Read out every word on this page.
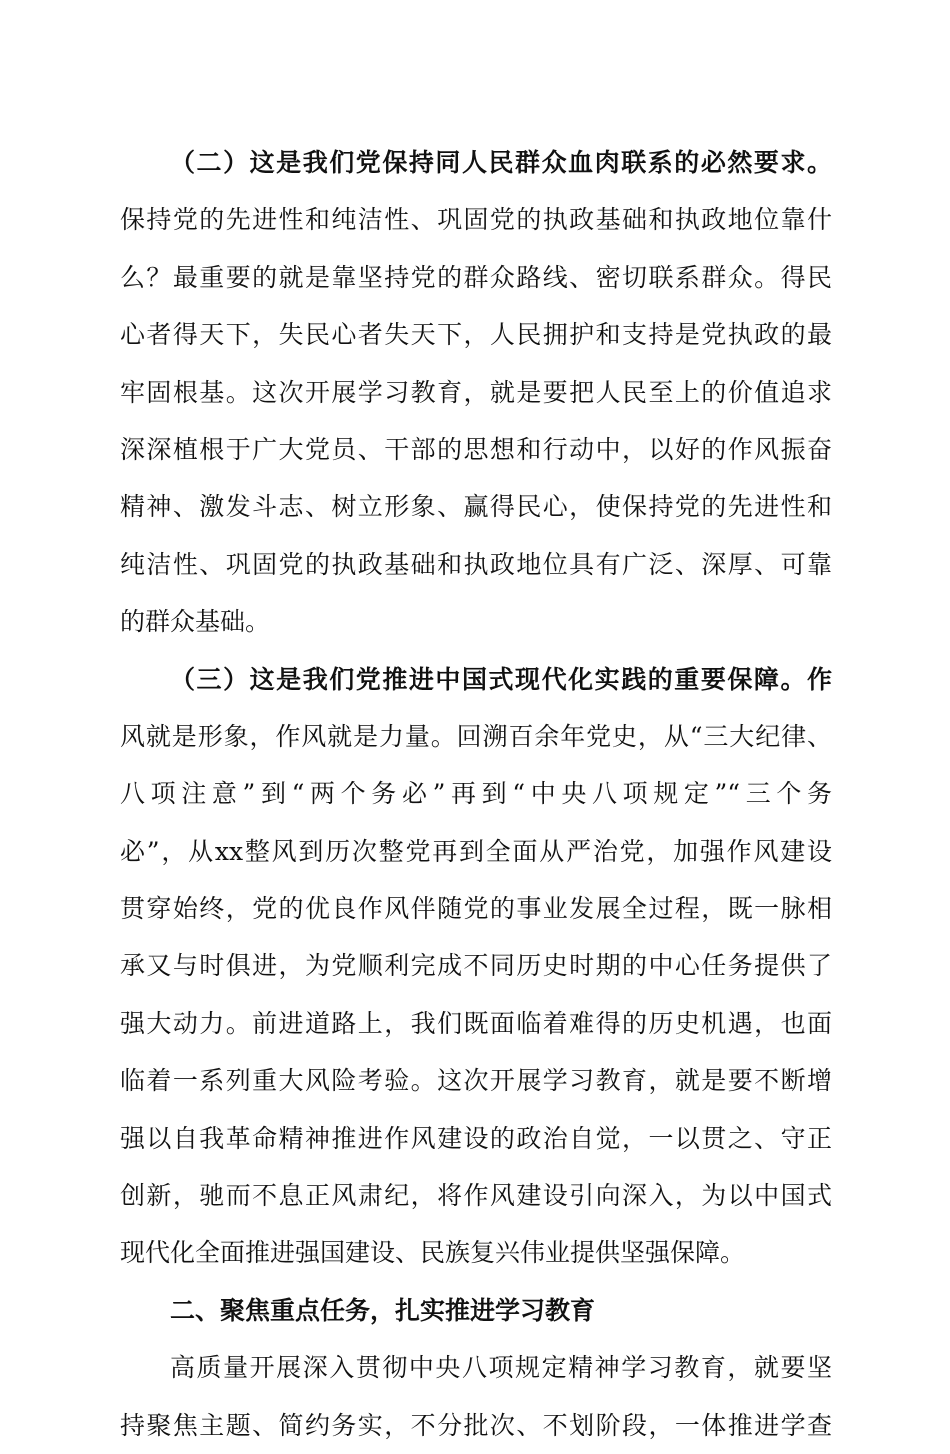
（二）这是我们党保持同人民群众血肉联系的必然要求。
保持党的先进性和纯洁性、巩固党的执政基础和执政地位靠什
么？最重要的就是靠坚持党的群众路线、密切联系群众。得民
心者得天下，失民心者失天下，人民拥护和支持是党执政的最
牢固根基。这次开展学习教育，就是要把人民至上的价值追求
深深植根于广大党员、干部的思想和行动中，以好的作风振奋
精神、激发斗志、树立形象、赢得民心，使保持党的先进性和
纯洁性、巩固党的执政基础和执政地位具有广泛、深厚、可靠
的群众基础。
（三）这是我们党推进中国式现代化实践的重要保障。作
风就是形象，作风就是力量。回溯百余年党史，从“三大纪律、
八项注意”到“两个务必”再到“中央八项规定”“三个务
必”，从xx整风到历次整党再到全面从严治党，加强作风建设
贯穿始终，党的优良作风伴随党的事业发展全过程，既一脉相
承又与时俱进，为党顺利完成不同历史时期的中心任务提供了
强大动力。前进道路上，我们既面临着难得的历史机遇，也面
临着一系列重大风险考验。这次开展学习教育，就是要不断增
强以自我革命精神推进作风建设的政治自觉，一以贯之、守正
创新，驰而不息正风肃纪，将作风建设引向深入，为以中国式
现代化全面推进强国建设、民族复兴伟业提供坚强保障。
二、聚焦重点任务，扎实推进学习教育
高质量开展深入贯彻中央八项规定精神学习教育，就要坚
持聚焦主题、简约务实，不分批次、不划阶段，一体推进学查
